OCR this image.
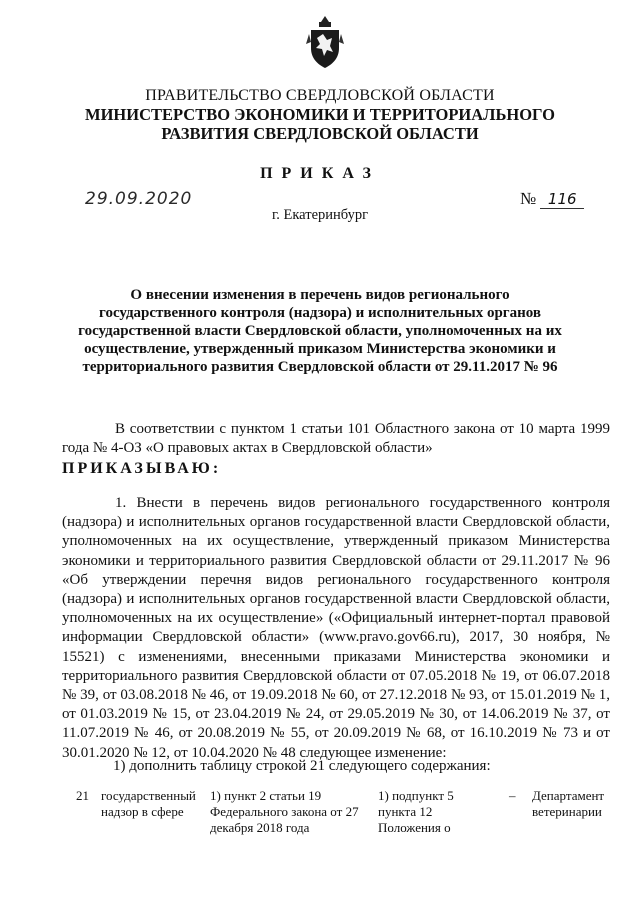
ПРАВИТЕЛЬСТВО СВЕРДЛОВСКОЙ ОБЛАСТИ
МИНИСТЕРСТВО ЭКОНОМИКИ И ТЕРРИТОРИАЛЬНОГО
РАЗВИТИЯ СВЕРДЛОВСКОЙ ОБЛАСТИ
ПРИКАЗ
29.09.2020	№ 116
г. Екатеринбург
О внесении изменения в перечень видов регионального государственного контроля (надзора) и исполнительных органов государственной власти Свердловской области, уполномоченных на их осуществление, утвержденный приказом Министерства экономики и территориального развития Свердловской области от 29.11.2017 № 96
В соответствии с пунктом 1 статьи 101 Областного закона от 10 марта 1999 года № 4-ОЗ «О правовых актах в Свердловской области»
ПРИКАЗЫВАЮ:
1. Внести в перечень видов регионального государственного контроля (надзора) и исполнительных органов государственной власти Свердловской области, уполномоченных на их осуществление, утвержденный приказом Министерства экономики и территориального развития Свердловской области от 29.11.2017 № 96 «Об утверждении перечня видов регионального государственного контроля (надзора) и исполнительных органов государственной власти Свердловской области, уполномоченных на их осуществление» («Официальный интернет-портал правовой информации Свердловской области» (www.pravo.gov66.ru), 2017, 30 ноября, № 15521) с изменениями, внесенными приказами Министерства экономики и территориального развития Свердловской области от 07.05.2018 № 19, от 06.07.2018 № 39, от 03.08.2018 № 46, от 19.09.2018 № 60, от 27.12.2018 № 93, от 15.01.2019 № 1, от 01.03.2019 № 15, от 23.04.2019 № 24, от 29.05.2019 № 30, от 14.06.2019 № 37, от 11.07.2019 № 46, от 20.08.2019 № 55, от 20.09.2019 № 68, от 16.10.2019 № 73 и от 30.01.2020 № 12, от 10.04.2020 № 48 следующее изменение:
1) дополнить таблицу строкой 21 следующего содержания:
21 государственный надзор в сфере
1) пункт 2 статьи 19 Федерального закона от 27 декабря 2018 года
1) подпункт 5 пункта 12 Положения о
– Департамент ветеринарии
